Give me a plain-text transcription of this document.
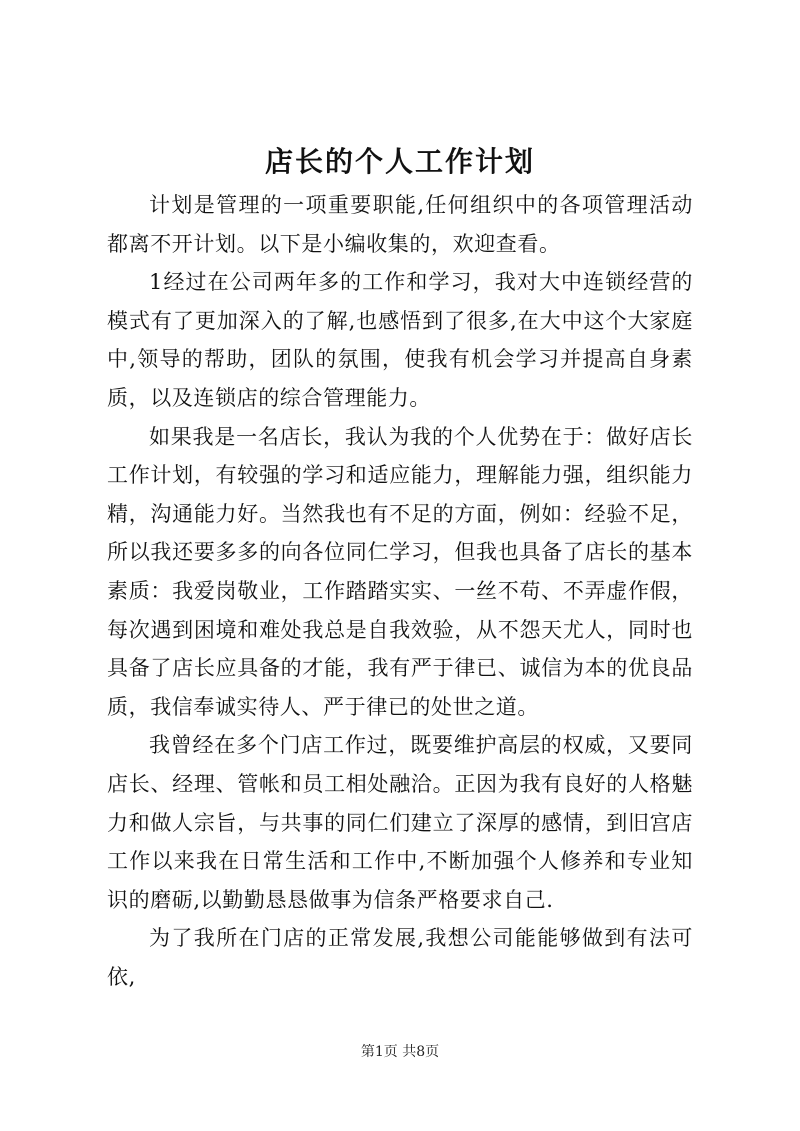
店长的个人工作计划

计划是管理的一项重要职能,任何组织中的各项管理活动都离不开计划。以下是小编收集的，欢迎查看。

1经过在公司两年多的工作和学习，我对大中连锁经营的模式有了更加深入的了解,也感悟到了很多,在大中这个大家庭中,领导的帮助，团队的氛围，使我有机会学习并提高自身素质，以及连锁店的综合管理能力。

如果我是一名店长，我认为我的个人优势在于：做好店长工作计划，有较强的学习和适应能力，理解能力强，组织能力精，沟通能力好。当然我也有不足的方面，例如：经验不足，所以我还要多多的向各位同仁学习，但我也具备了店长的基本素质：我爱岗敬业，工作踏踏实实、一丝不苟、不弄虚作假，每次遇到困境和难处我总是自我效验，从不怨天尤人，同时也具备了店长应具备的才能，我有严于律已、诚信为本的优良品质，我信奉诚实待人、严于律已的处世之道。

我曾经在多个门店工作过，既要维护高层的权威，又要同店长、经理、管帐和员工相处融洽。正因为我有良好的人格魅力和做人宗旨，与共事的同仁们建立了深厚的感情，到旧宫店工作以来我在日常生活和工作中,不断加强个人修养和专业知识的磨砺,以勤勤恳恳做事为信条严格要求自己.

为了我所在门店的正常发展,我想公司能能够做到有法可依,

第1页 共8页
